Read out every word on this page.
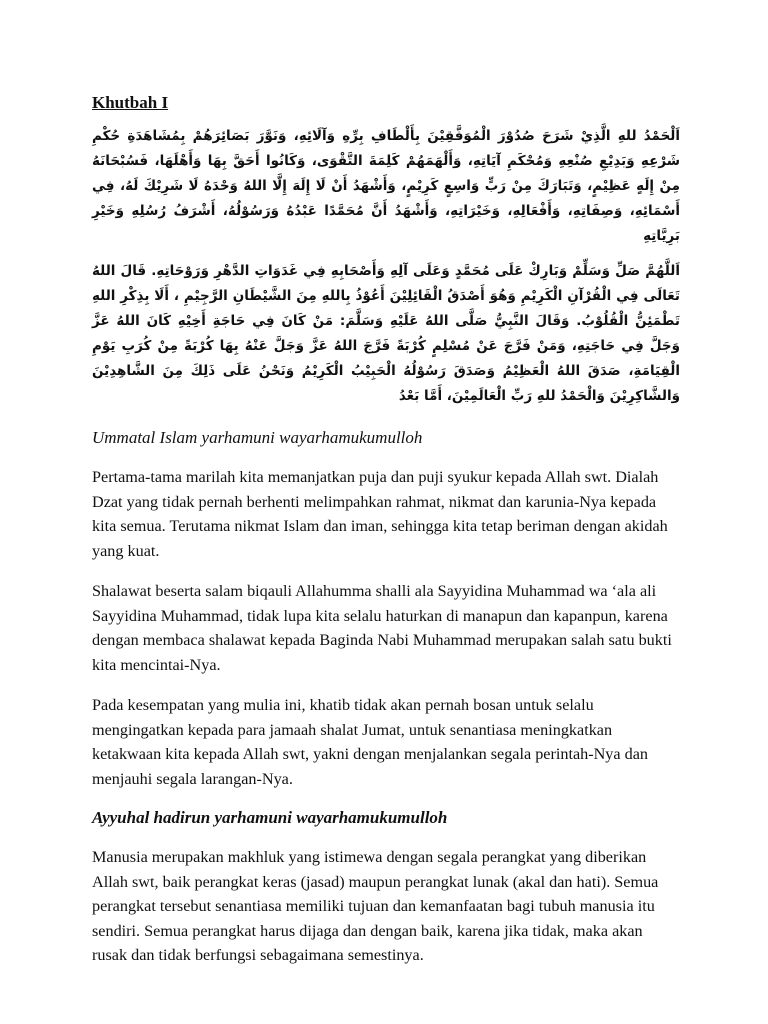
Khutbah I

اَلْحَمْدُ للهِ الَّذِيْ شَرَحَ صُدُوْرَ الْمُوَفَّقِيْنَ بِأَلْطَافِ بِرِّهِ وَآلَائِهِ، وَنَوَّرَ بَصَائِرَهُمْ بِمُشَاهَدَةِ حُكْمِ شَرْعِهِ وَبَدِيْعِ صُنْعِهِ وَمُحْكَمِ آيَاتِهِ، وَأَلْهَمَهُمْ كَلِمَةَ التَّقْوَى، وَكَانُوا أَحَقَّ بِهَا وَأَهْلَهَا، فَسُبْحَانَهُ مِنْ إِلَهٍ عَظِيْمٍ، وَتَبَارَكَ مِنْ رَبٍّ وَاسِعٍ كَرِيْمٍ، وَأَشْهَدُ أَنْ لَا إِلَهَ إِلَّا اللهُ وَحْدَهُ لَا شَرِيْكَ لَهُ، فِي أَسْمَائِهِ، وَصِفَاتِهِ، وَأَفْعَالِهِ، وَخَيْرَاتِهِ، وَأَشْهَدُ أَنَّ مُحَمَّدًا عَبْدُهُ وَرَسُوْلُهُ، أَشْرَفُ رُسُلِهِ وَخَيْرِ بَرِيَّاتِهِ

اَللَّهُمَّ صَلِّ وَسَلِّمْ وَبَارِكْ عَلَى مُحَمَّدٍ وَعَلَى آلِهِ وَأَصْحَابِهِ فِي غَدَوَاتِ الدَّهْرِ وَرَوْحَاتِهِ. قَالَ اللهُ تَعَالَى فِي الْقُرْآنِ الْكَرِيْمِ وَهُوَ أَصْدَقُ الْقَائِلِيْنَ أَعُوْذُ بِاللهِ مِنَ الشَّيْطَانِ الرَّجِيْمِ ، أَلَا بِذِكْرِ اللهِ تَطْمَئِنُّ الْقُلُوْبُ. وَقَالَ النَّبِيُّ صَلَّى اللهُ عَلَيْهِ وَسَلَّمَ: مَنْ كَانَ فِي حَاجَةِ أَخِيْهِ كَانَ اللهُ عَزَّ وَجَلَّ فِي حَاجَتِهِ، وَمَنْ فَرَّجَ عَنْ مُسْلِمٍ كُرْبَةً فَرَّجَ اللهُ عَزَّ وَجَلَّ عَنْهُ بِهَا كُرْبَةً مِنْ كُرَبِ يَوْمِ الْقِيَامَةِ، صَدَقَ اللهُ الْعَظِيْمُ وَصَدَقَ رَسُوْلُهُ الْحَبِيْبُ الْكَرِيْمُ وَنَحْنُ عَلَى ذَلِكَ مِنَ الشَّاهِدِيْنَ وَالشَّاكِرِيْنَ وَالْحَمْدُ للهِ رَبِّ الْعَالَمِيْنَ، أَمَّا بَعْدُ

Ummatal Islam yarhamuni wayarhamukumulloh

Pertama-tama marilah kita memanjatkan puja dan puji syukur kepada Allah swt. Dialah Dzat yang tidak pernah berhenti melimpahkan rahmat, nikmat dan karunia-Nya kepada kita semua. Terutama nikmat Islam dan iman, sehingga kita tetap beriman dengan akidah yang kuat.

Shalawat beserta salam biqauli Allahumma shalli ala Sayyidina Muhammad wa ‘ala ali Sayyidina Muhammad, tidak lupa kita selalu haturkan di manapun dan kapanpun, karena dengan membaca shalawat kepada Baginda Nabi Muhammad merupakan salah satu bukti kita mencintai-Nya.

Pada kesempatan yang mulia ini, khatib tidak akan pernah bosan untuk selalu mengingatkan kepada para jamaah shalat Jumat, untuk senantiasa meningkatkan ketakwaan kita kepada Allah swt, yakni dengan menjalankan segala perintah-Nya dan menjauhi segala larangan-Nya.

Ayyuhal hadirun yarhamuni wayarhamukumulloh

Manusia merupakan makhluk yang istimewa dengan segala perangkat yang diberikan Allah swt, baik perangkat keras (jasad) maupun perangkat lunak (akal dan hati). Semua perangkat tersebut senantiasa memiliki tujuan dan kemanfaatan bagi tubuh manusia itu sendiri. Semua perangkat harus dijaga dan dengan baik, karena jika tidak, maka akan rusak dan tidak berfungsi sebagaimana semestinya.
